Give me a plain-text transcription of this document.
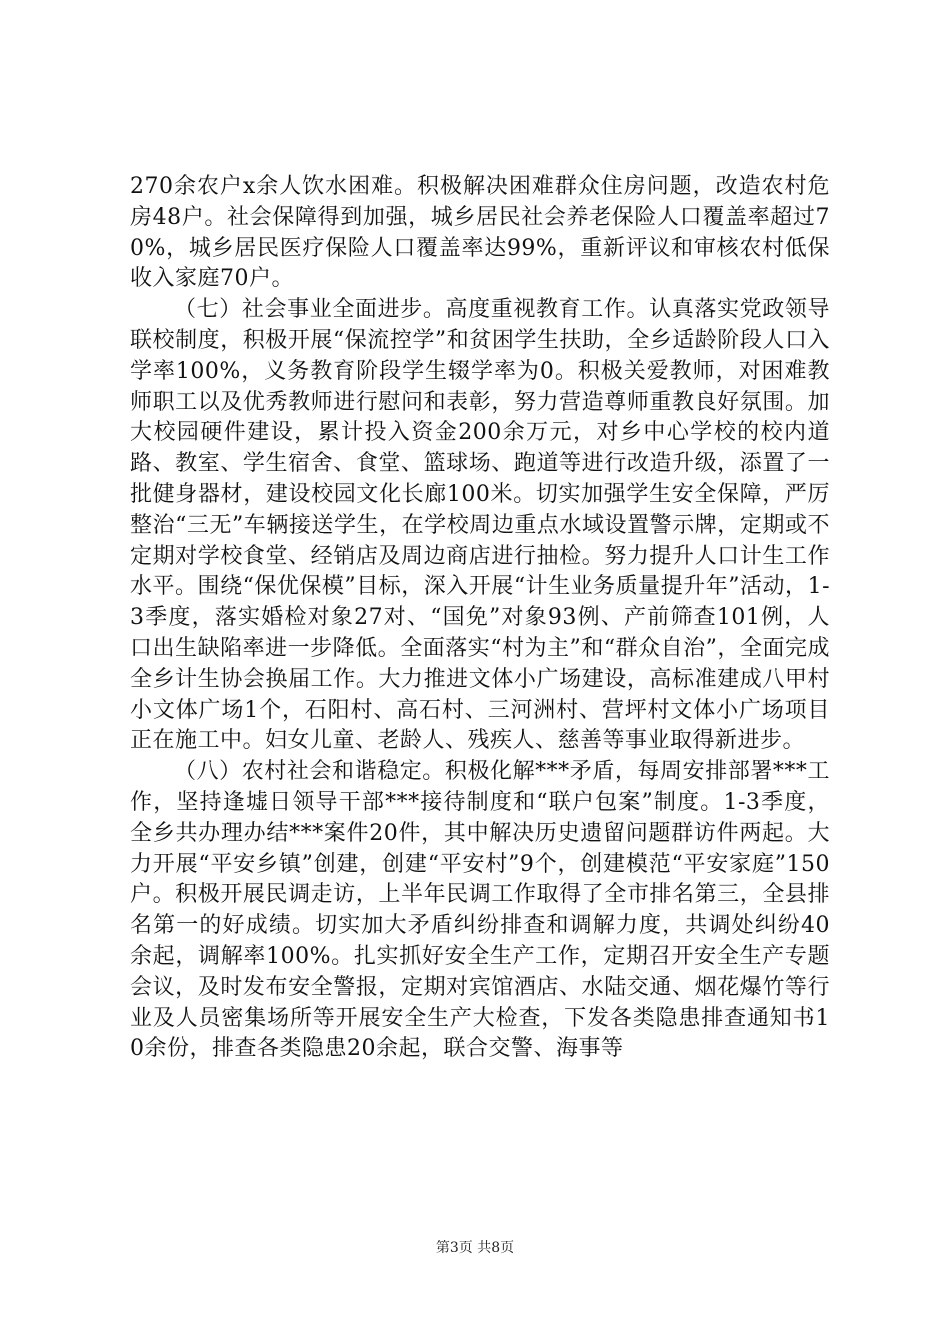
270余农户x余人饮水困难。积极解决困难群众住房问题，改造农村危房48户。社会保障得到加强，城乡居民社会养老保险人口覆盖率超过70%，城乡居民医疗保险人口覆盖率达99%，重新评议和审核农村低保收入家庭70户。

（七）社会事业全面进步。高度重视教育工作。认真落实党政领导联校制度，积极开展“保流控学”和贫困学生扶助，全乡适龄阶段人口入学率100%，义务教育阶段学生辍学率为0。积极关爱教师，对困难教师职工以及优秀教师进行慰问和表彰，努力营造尊师重教良好氛围。加大校园硬件建设，累计投入资金200余万元，对乡中心学校的校内道路、教室、学生宿舍、食堂、篮球场、跑道等进行改造升级，添置了一批健身器材，建设校园文化长廊100米。切实加强学生安全保障，严厉整治“三无”车辆接送学生，在学校周边重点水域设置警示牌，定期或不定期对学校食堂、经销店及周边商店进行抽检。努力提升人口计生工作水平。围绕“保优保模”目标，深入开展“计生业务质量提升年”活动，1-3季度，落实婚检对象27对、“国免”对象93例、产前筛查101例，人口出生缺陷率进一步降低。全面落实“村为主”和“群众自治”，全面完成全乡计生协会换届工作。大力推进文体小广场建设，高标准建成八甲村小文体广场1个，石阳村、高石村、三河洲村、营坪村文体小广场项目正在施工中。妇女儿童、老龄人、残疾人、慈善等事业取得新进步。

（八）农村社会和谐稳定。积极化解***矛盾，每周安排部署***工作，坚持逢墟日领导干部***接待制度和“联户包案”制度。1-3季度，全乡共办理办结***案件20件，其中解决历史遗留问题群访件两起。大力开展“平安乡镇”创建，创建“平安村”9个，创建模范“平安家庭”150户。积极开展民调走访，上半年民调工作取得了全市排名第三，全县排名第一的好成绩。切实加大矛盾纠纷排查和调解力度，共调处纠纷40余起，调解率100%。扎实抓好安全生产工作，定期召开安全生产专题会议，及时发布安全警报，定期对宾馆酒店、水陆交通、烟花爆竹等行业及人员密集场所等开展安全生产大检查，下发各类隐患排查通知书10余份，排查各类隐患20余起，联合交警、海事等

第3页 共8页
